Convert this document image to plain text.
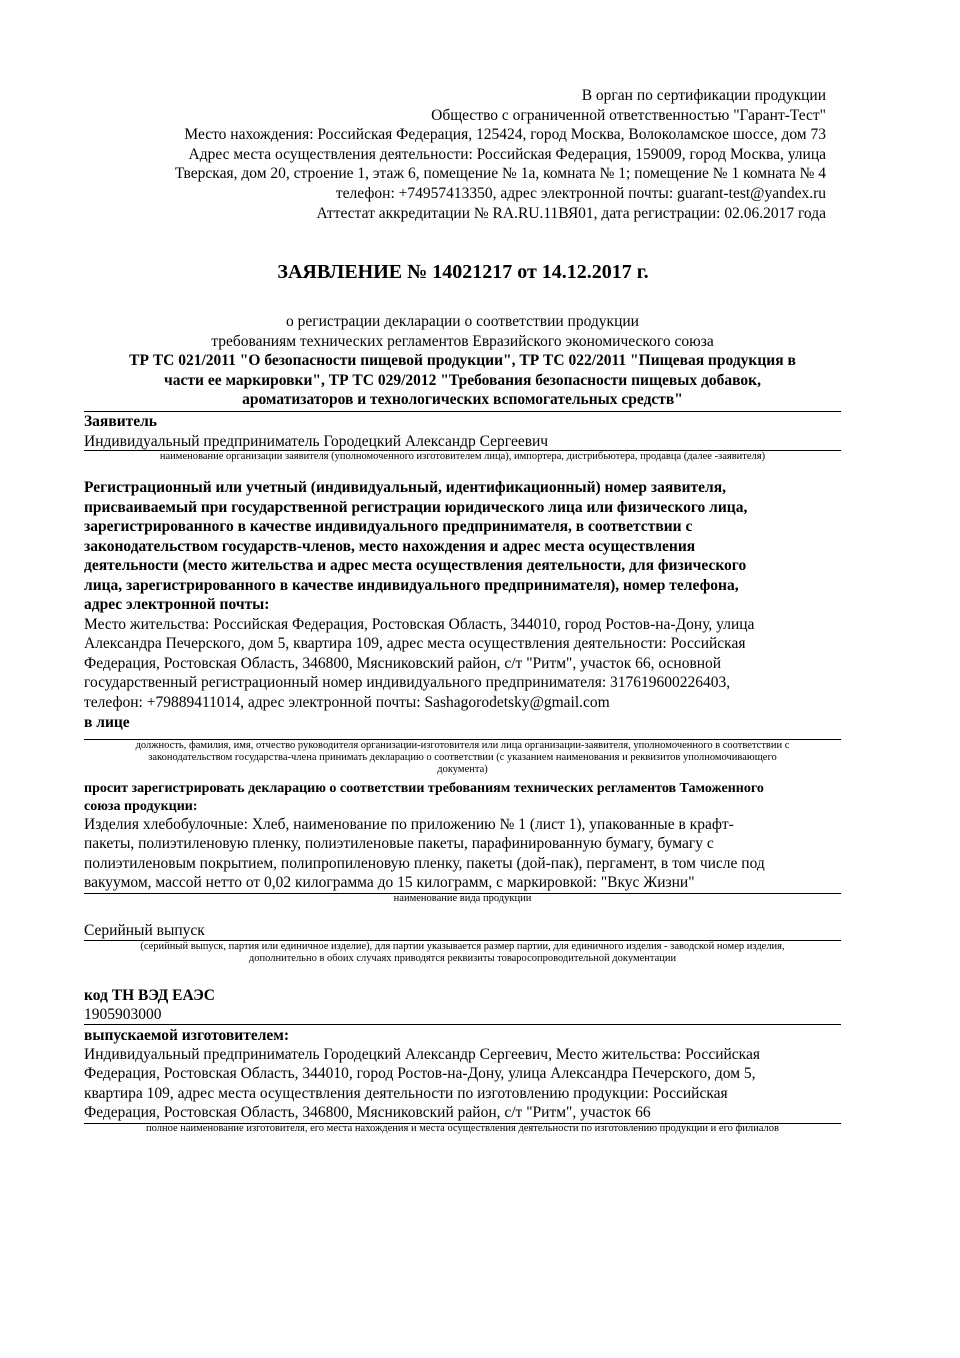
В орган по сертификации продукции
Общество с ограниченной ответственностью "Гарант-Тест"
Место нахождения: Российская Федерация, 125424, город Москва, Волоколамское шоссе, дом 73
Адрес места осуществления деятельности: Российская Федерация, 159009, город Москва, улица
Тверская, дом 20, строение 1, этаж 6, помещение № 1а, комната № 1; помещение № 1 комната № 4
телефон: +74957413350, адрес электронной почты: guarant-test@yandex.ru
Аттестат аккредитации № RA.RU.11ВЯ01, дата регистрации: 02.06.2017 года
ЗАЯВЛЕНИЕ № 14021217 от 14.12.2017 г.
о регистрации декларации о соответствии продукции
требованиям технических регламентов Евразийского экономического союза
ТР ТС 021/2011 "О безопасности пищевой продукции", ТР ТС 022/2011 "Пищевая продукция в
части ее маркировки", ТР ТС 029/2012 "Требования безопасности пищевых добавок,
ароматизаторов и технологических вспомогательных средств"
Заявитель
Индивидуальный предприниматель Городецкий Александр Сергеевич
наименование организации заявителя (уполномоченного изготовителем лица), импортера, дистрибьютера, продавца (далее -заявителя)
Регистрационный или учетный (индивидуальный, идентификационный) номер заявителя,
присваиваемый при государственной регистрации юридического лица или физического лица,
зарегистрированного в качестве индивидуального предпринимателя, в соответствии с
законодательством государств-членов, место нахождения и адрес места осуществления
деятельности (место жительства и адрес места осуществления деятельности, для физического
лица, зарегистрированного в качестве индивидуального предпринимателя), номер телефона,
адрес электронной почты:
Место жительства: Российская Федерация, Ростовская Область, 344010, город Ростов-на-Дону, улица
Александра Печерского, дом 5, квартира 109, адрес места осуществления деятельности: Российская
Федерация, Ростовская Область, 346800, Мясниковский район, с/т "Ритм", участок 66, основной
государственный регистрационный номер индивидуального предпринимателя: 317619600226403,
телефон: +79889411014, адрес электронной почты: Sashagorodetsky@gmail.com
в лице
должность, фамилия, имя, отчество руководителя организации-изготовителя или лица организации-заявителя, уполномоченного в соответствии с
законодательством государства-члена принимать декларацию о соответствии (с указанием наименования и реквизитов уполномочивающего
документа)
просит зарегистрировать декларацию о соответствии требованиям технических регламентов Таможенного
союза продукции:
Изделия хлебобулочные: Хлеб, наименование по приложению № 1 (лист 1), упакованные в крафт-
пакеты, полиэтиленовую пленку, полиэтиленовые пакеты, парафинированную бумагу, бумагу с
полиэтиленовым покрытием, полипропиленовую пленку, пакеты (дой-пак), пергамент, в том числе под
вакуумом, массой нетто от 0,02 килограмма до 15 килограмм, с маркировкой: "Вкус Жизни"
наименование вида продукции
Серийный выпуск
(серийный выпуск, партия или единичное изделие), для партии указывается размер партии, для единичного изделия - заводской номер изделия,
дополнительно в обоих случаях приводятся реквизиты товаросопроводительной документации
код ТН ВЭД ЕАЭС
1905903000
выпускаемой изготовителем:
Индивидуальный предприниматель Городецкий Александр Сергеевич, Место жительства: Российская
Федерация, Ростовская Область, 344010, город Ростов-на-Дону, улица Александра Печерского, дом 5,
квартира 109, адрес места осуществления деятельности по изготовлению продукции: Российская
Федерация, Ростовская Область, 346800, Мясниковский район, с/т "Ритм", участок 66
полное наименование изготовителя, его места нахождения и места осуществления деятельности по изготовлению продукции и его филиалов
